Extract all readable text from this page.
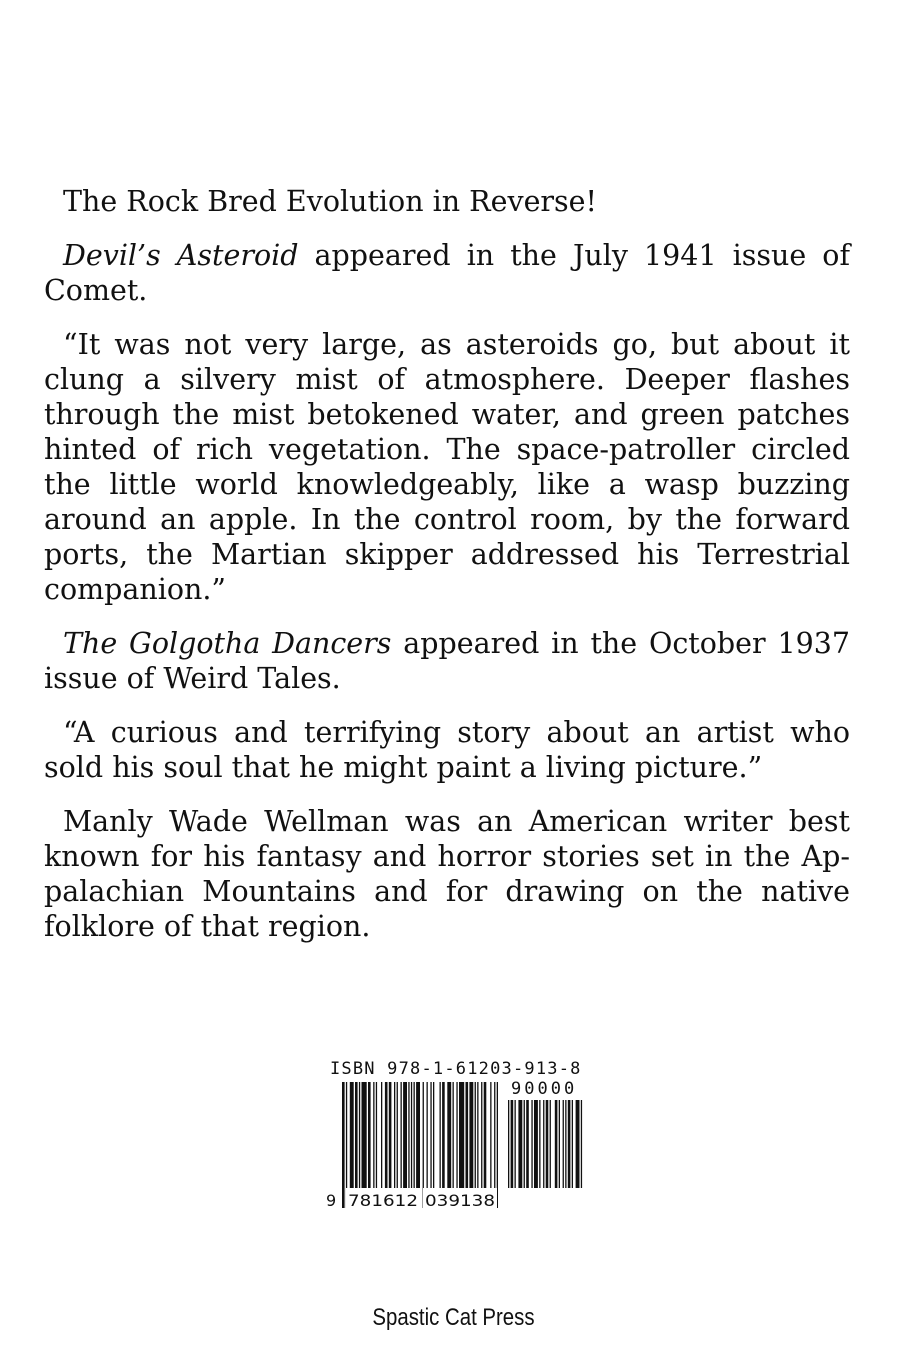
The Rock Bred Evolution in Reverse!

Devil’s Asteroid appeared in the July 1941 issue of Comet.

“It was not very large, as asteroids go, but about it clung a silvery mist of atmosphere. Deeper flashes through the mist betokened water, and green patches hinted of rich vegetation. The space-patroller circled the little world knowledgeably, like a wasp buzzing around an apple. In the control room, by the forward ports, the Martian skipper addressed his Terrestrial companion.”

The Golgotha Dancers appeared in the October 1937 issue of Weird Tales.

“A curious and terrifying story about an artist who sold his soul that he might paint a living picture.”

Manly Wade Wellman was an American writer best known for his fantasy and horror stories set in the Appalachian Mountains and for drawing on the native folklore of that region.

ISBN 978-1-61203-913-8
90000
9 781612 039138
Spastic Cat Press
